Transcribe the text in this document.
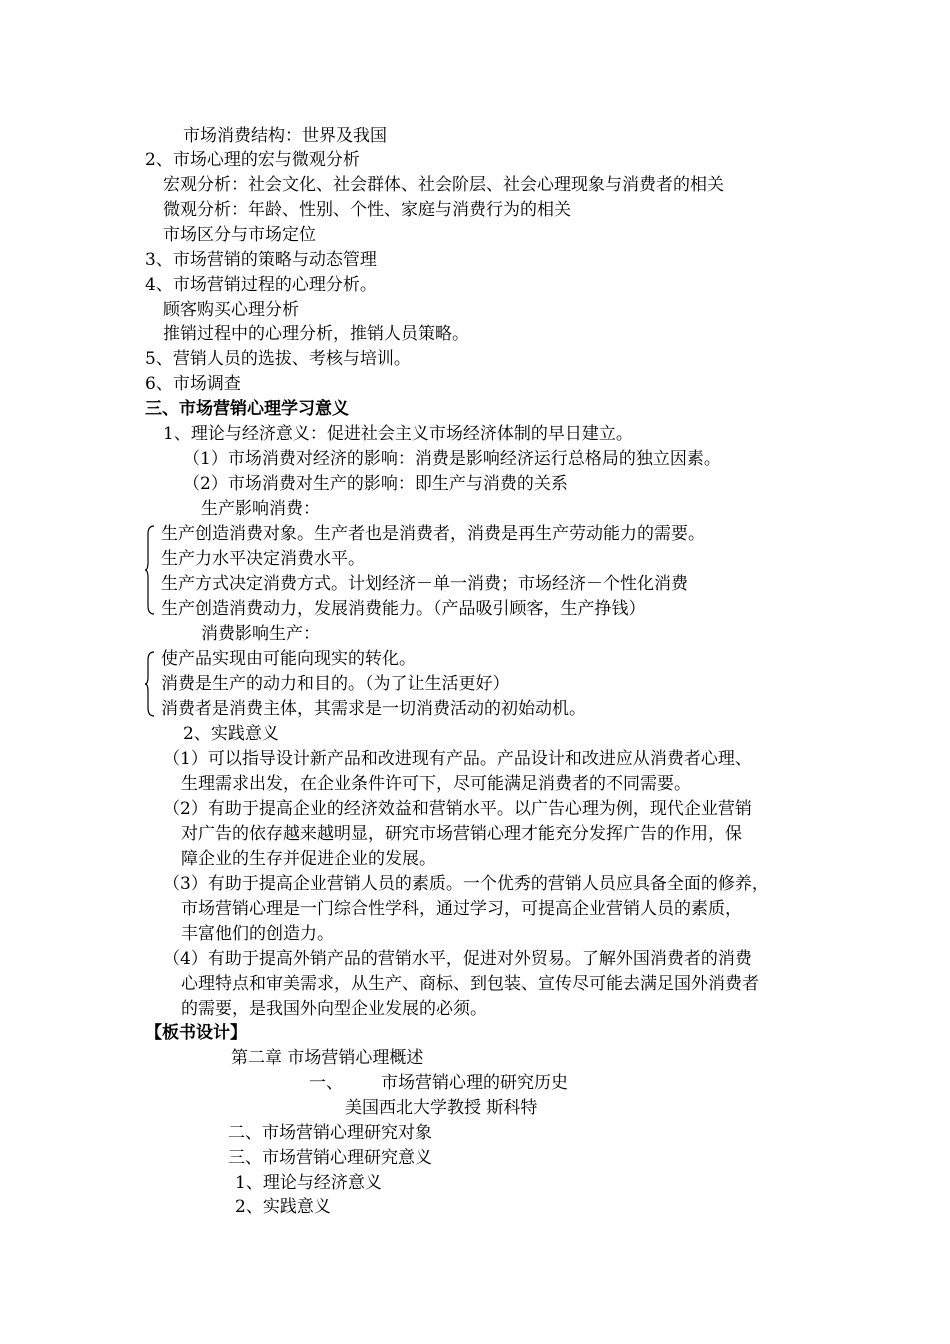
市场消费结构：世界及我国
2、市场心理的宏与微观分析
宏观分析：社会文化、社会群体、社会阶层、社会心理现象与消费者的相关
微观分析：年龄、性别、个性、家庭与消费行为的相关
市场区分与市场定位
3、市场营销的策略与动态管理
4、市场营销过程的心理分析。
顾客购买心理分析
推销过程中的心理分析，推销人员策略。
5、营销人员的选拔、考核与培训。
6、市场调查
三、市场营销心理学习意义
1、理论与经济意义：促进社会主义市场经济体制的早日建立。
（1）市场消费对经济的影响：消费是影响经济运行总格局的独立因素。
（2）市场消费对生产的影响：即生产与消费的关系
生产影响消费：
生产创造消费对象。生产者也是消费者，消费是再生产劳动能力的需要。
生产力水平决定消费水平。
生产方式决定消费方式。计划经济－单一消费；市场经济－个性化消费
生产创造消费动力，发展消费能力。（产品吸引顾客，生产挣钱）
消费影响生产：
使产品实现由可能向现实的转化。
消费是生产的动力和目的。（为了让生活更好）
消费者是消费主体，其需求是一切消费活动的初始动机。
2、实践意义
（1）可以指导设计新产品和改进现有产品。产品设计和改进应从消费者心理、
生理需求出发，在企业条件许可下，尽可能满足消费者的不同需要。
（2）有助于提高企业的经济效益和营销水平。以广告心理为例，现代企业营销
对广告的依存越来越明显，研究市场营销心理才能充分发挥广告的作用，保
障企业的生存并促进企业的发展。
（3）有助于提高企业营销人员的素质。一个优秀的营销人员应具备全面的修养，
市场营销心理是一门综合性学科，通过学习，可提高企业营销人员的素质，
丰富他们的创造力。
（4）有助于提高外销产品的营销水平，促进对外贸易。了解外国消费者的消费
心理特点和审美需求，从生产、商标、到包装、宣传尽可能去满足国外消费者
的需要，是我国外向型企业发展的必须。
【板书设计】
第二章 市场营销心理概述
一、 市场营销心理的研究历史
美国西北大学教授 斯科特
二、市场营销心理研究对象
三、市场营销心理研究意义
1、理论与经济意义
2、实践意义
